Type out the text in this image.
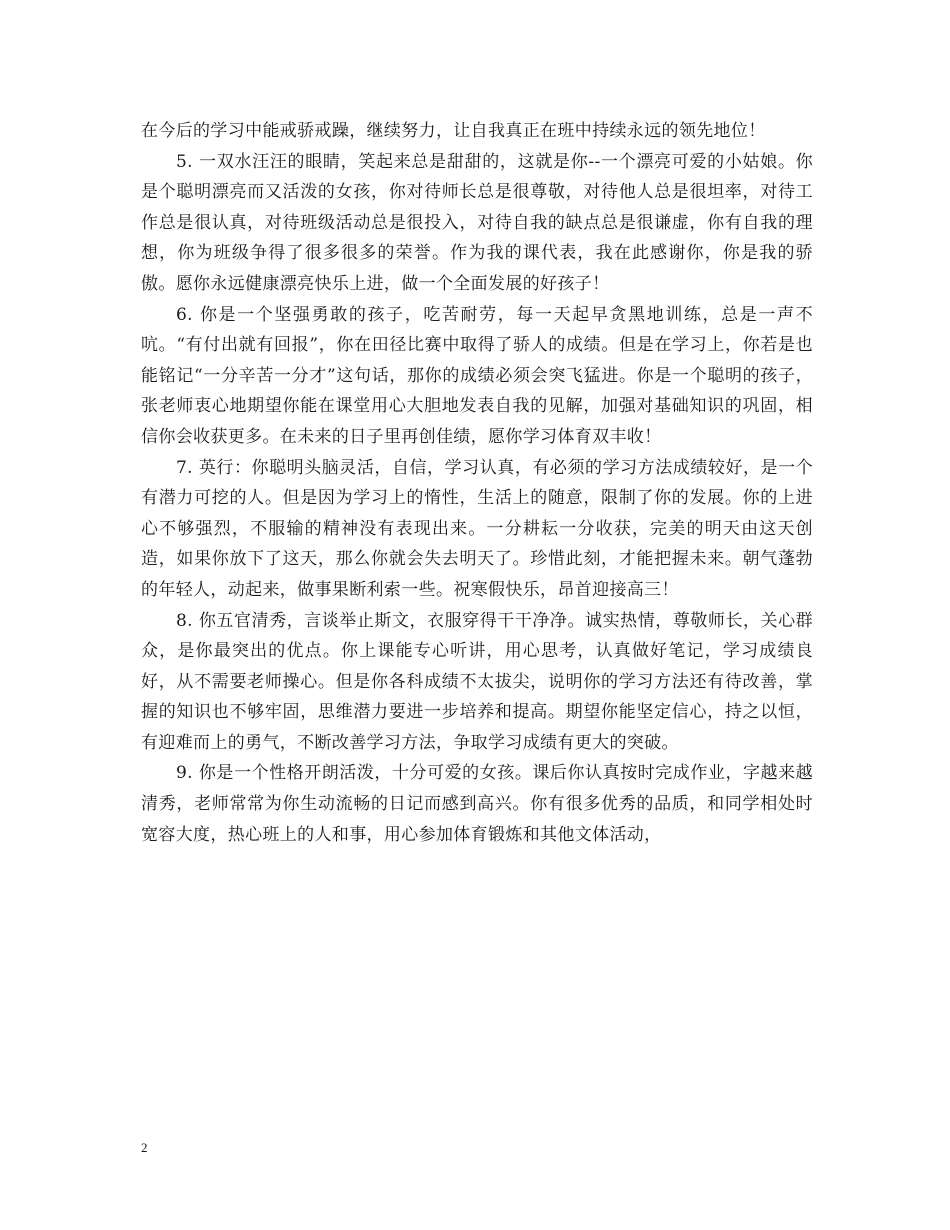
在今后的学习中能戒骄戒躁，继续努力，让自我真正在班中持续永远的领先地位！

5. 一双水汪汪的眼睛，笑起来总是甜甜的，这就是你--一个漂亮可爱的小姑娘。你是个聪明漂亮而又活泼的女孩，你对待师长总是很尊敬，对待他人总是很坦率，对待工作总是很认真，对待班级活动总是很投入，对待自我的缺点总是很谦虚，你有自我的理想，你为班级争得了很多很多的荣誉。作为我的课代表，我在此感谢你，你是我的骄傲。愿你永远健康漂亮快乐上进，做一个全面发展的好孩子！

6. 你是一个坚强勇敢的孩子，吃苦耐劳，每一天起早贪黑地训练，总是一声不吭。“有付出就有回报”，你在田径比赛中取得了骄人的成绩。但是在学习上，你若是也能铭记“一分辛苦一分才”这句话，那你的成绩必须会突飞猛进。你是一个聪明的孩子，张老师衷心地期望你能在课堂用心大胆地发表自我的见解，加强对基础知识的巩固，相信你会收获更多。在未来的日子里再创佳绩，愿你学习体育双丰收！

7. 英行：你聪明头脑灵活，自信，学习认真，有必须的学习方法成绩较好，是一个有潜力可挖的人。但是因为学习上的惰性，生活上的随意，限制了你的发展。你的上进心不够强烈，不服输的精神没有表现出来。一分耕耘一分收获，完美的明天由这天创造，如果你放下了这天，那么你就会失去明天了。珍惜此刻，才能把握未来。朝气蓬勃的年轻人，动起来，做事果断利索一些。祝寒假快乐，昂首迎接高三！

8. 你五官清秀，言谈举止斯文，衣服穿得干干净净。诚实热情，尊敬师长，关心群众，是你最突出的优点。你上课能专心听讲，用心思考，认真做好笔记，学习成绩良好，从不需要老师操心。但是你各科成绩不太拔尖，说明你的学习方法还有待改善，掌握的知识也不够牢固，思维潜力要进一步培养和提高。期望你能坚定信心，持之以恒，有迎难而上的勇气，不断改善学习方法，争取学习成绩有更大的突破。

9. 你是一个性格开朗活泼，十分可爱的女孩。课后你认真按时完成作业，字越来越清秀，老师常常为你生动流畅的日记而感到高兴。你有很多优秀的品质，和同学相处时宽容大度，热心班上的人和事，用心参加体育锻炼和其他文体活动，

2
